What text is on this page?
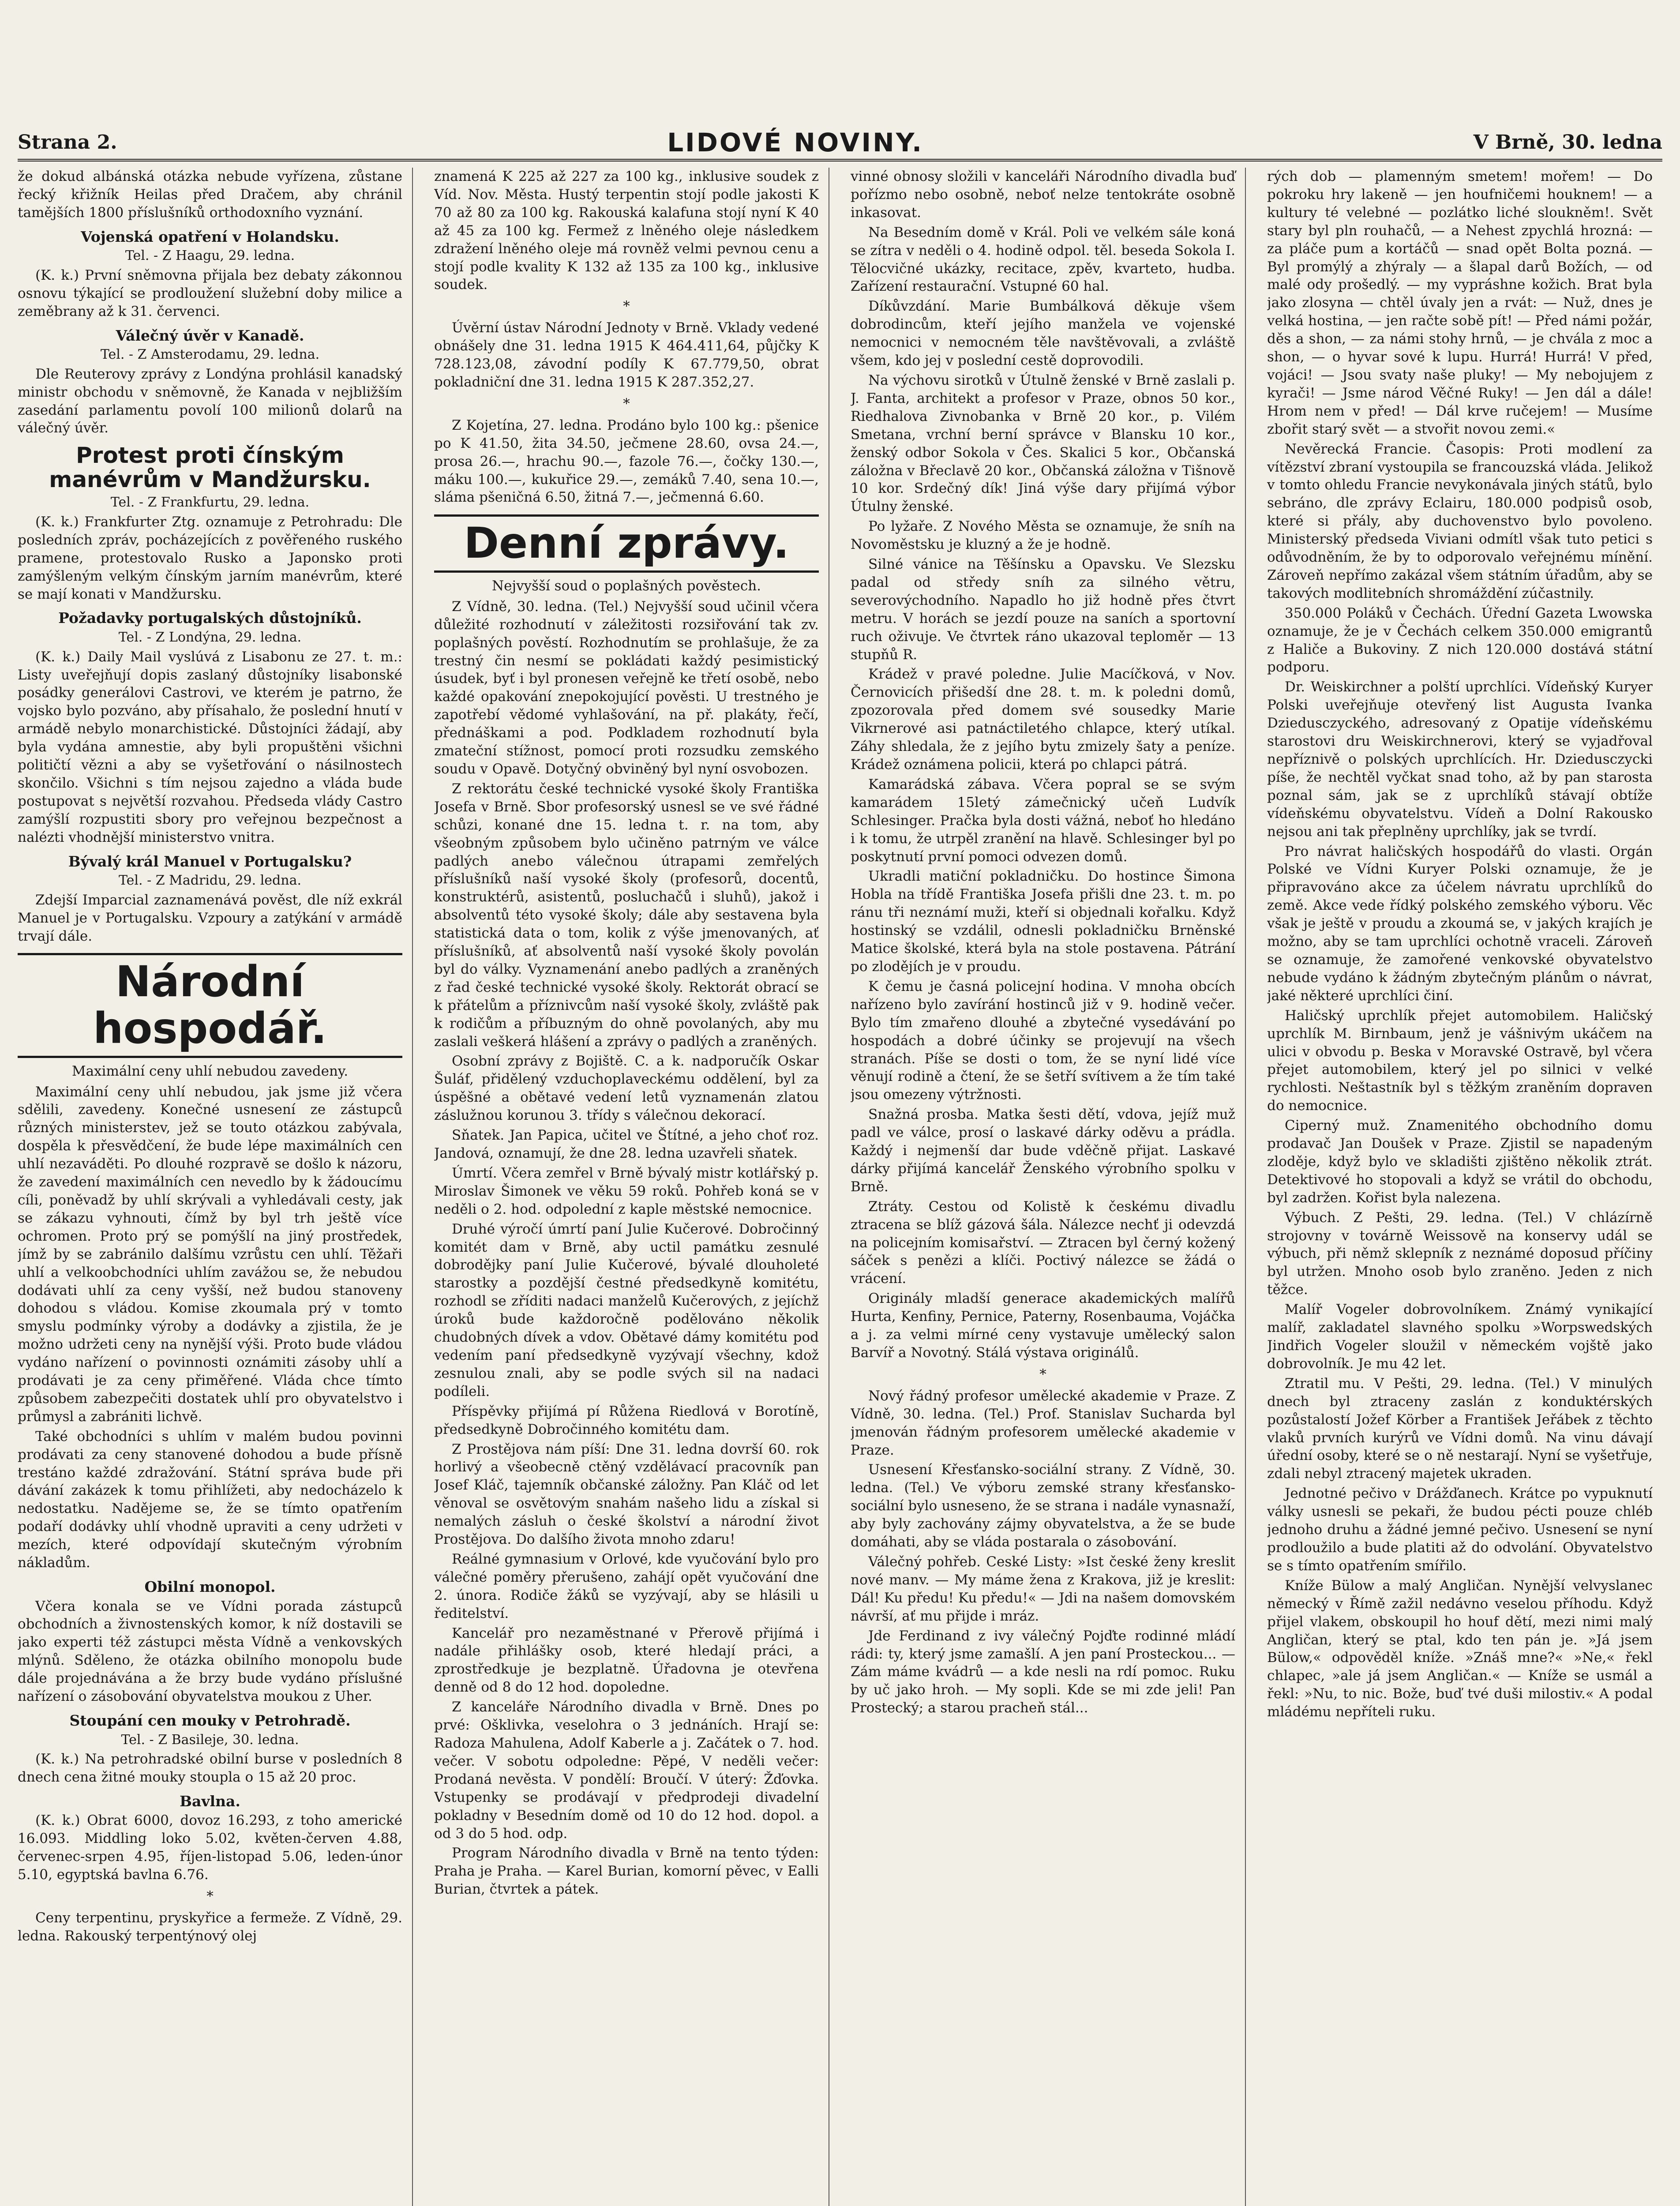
Strana 2.	LIDOVÉ NOVINY.	V Brně, 30. ledna

že dokud albánská otázka nebude vyřízena, zůstane řecký křižník Heilas před Dračem, aby chránil tamějších 1800 příslušníků orthodoxního vyznání.

Vojenská opatření v Holandsku.
Tel. - Z Haagu, 29. ledna.

(K. k.) První sněmovna přijala bez debaty zákonnou osnovu týkající se prodloužení služební doby milice a zeměbrany až k 31. červenci.

Válečný úvěr v Kanadě.
Tel. - Z Amsterodamu, 29. ledna.

Dle Reuterovy zprávy z Londýna prohlásil kanadský ministr obchodu v sněmovně, že Kanada v nejbližším zasedání parlamentu povolí 100 milionů dolarů na válečný úvěr.

Protest proti čínským manévrům v Mandžursku.
Tel. - Z Frankfurtu, 29. ledna.

(K. k.) Frankfurter Ztg. oznamuje z Petrohradu: Dle posledních zpráv, pocházejících z pověřeného ruského pramene, protestovalo Rusko a Japonsko proti zamýšleným velkým čínským jarním manévrům, které se mají konati v Mandžursku.

Požadavky portugalských důstojníků.
Tel. - Z Londýna, 29. ledna.

(K. k.) Daily Mail vyslúvá z Lisabonu ze 27. t. m.: Listy uveřejňují dopis zaslaný důstojníky lisabonské posádky generálovi Castrovi, ve kterém je patrno, že vojsko bylo pozváno, aby přísahalo, že poslední hnutí v armádě nebylo monarchistické. Důstojníci žádají, aby byla vydána amnestie, aby byli propuštěni všichni političtí vězni a aby se vyšetřování o násilnostech skončilo. Všichni s tím nejsou zajedno a vláda bude postupovat s největší rozvahou. Předseda vlády Castro zamýšlí rozpustiti sbory pro veřejnou bezpečnost a nalézti vhodnější ministerstvo vnitra.

Bývalý král Manuel v Portugalsku?
Tel. - Z Madridu, 29. ledna.

Zdejší Imparcial zaznamenává pověst, dle níž exkrál Manuel je v Portugalsku. Vzpoury a zatýkání v armádě trvají dále.

Národní hospodář.
Maximální ceny uhlí nebudou zavedeny.

Maximální ceny uhlí nebudou, jak jsme již včera sdělili, zavedeny. Konečné usnesení ze zástupců různých ministerstev, jež se touto otázkou zabývala, dospěla k přesvědčení, že bude lépe maximálních cen uhlí nezaváděti. Po dlouhé rozpravě se došlo k názoru, že zavedení maximálních cen nevedlo by k žádoucímu cíli, poněvadž by uhlí skrývali a vyhledávali cesty, jak se zákazu vyhnouti, čímž by byl trh ještě více ochromen. Proto prý se pomýšlí na jiný prostředek, jímž by se zabránilo dalšímu vzrůstu cen uhlí. Těžaři uhlí a velkoobchodníci uhlím zavážou se, že nebudou dodávati uhlí za ceny vyšší, než budou stanoveny dohodou s vládou. Komise zkoumala prý v tomto smyslu podmínky výroby a dodávky a zjistila, že je možno udržeti ceny na nynější výši. Proto bude vládou vydáno nařízení o povinnosti oznámiti zásoby uhlí a prodávati je za ceny přiměřené. Vláda chce tímto způsobem zabezpečiti dostatek uhlí pro obyvatelstvo i průmysl a zabrániti lichvě.

Také obchodníci s uhlím v malém budou povinni prodávati za ceny stanovené dohodou a bude přísně trestáno každé zdražování. Státní správa bude při dávání zakázek k tomu přihlížeti, aby nedocházelo k nedostatku. Nadějeme se, že se tímto opatřením podaří dodávky uhlí vhodně upraviti a ceny udržeti v mezích, které odpovídají skutečným výrobním nákladům.

Obilní monopol.

Včera konala se ve Vídni porada zástupců obchodních a živnostenských komor, k níž dostavili se jako experti též zástupci města Vídně a venkovských mlýnů. Sděleno, že otázka obilního monopolu bude dále projednávána a že brzy bude vydáno příslušné nařízení o zásobování obyvatelstva moukou z Uher.

Stoupání cen mouky v Petrohradě.
Tel. - Z Basileje, 30. ledna.

(K. k.) Na petrohradské obilní burse v posledních 8 dnech cena žitné mouky stoupla o 15 až 20 proc.

Bavlna.

(K. k.) Obrat 6000, dovoz 16.293, z toho americké 16.093. Middling loko 5.02, květen-červen 4.88, červenec-srpen 4.95, říjen-listopad 5.06, leden-únor 5.10, egyptská bavlna 6.76.

*

Ceny terpentinu, pryskyřice a fermeže. Z Vídně, 29. ledna. Rakouský terpentýnový olej

znamená K 225 až 227 za 100 kg., inklusive soudek z Víd. Nov. Města. Hustý terpentin stojí podle jakosti K 70 až 80 za 100 kg. Rakouská kalafuna stojí nyní K 40 až 45 za 100 kg. Fermež z lněného oleje následkem zdražení lněného oleje má rovněž velmi pevnou cenu a stojí podle kvality K 132 až 135 za 100 kg., inklusive soudek.

*

Úvěrní ústav Národní Jednoty v Brně. Vklady vedené obnášely dne 31. ledna 1915 K 464.411,64, půjčky K 728.123,08, závodní podíly K 67.779,50, obrat pokladniční dne 31. ledna 1915 K 287.352,27.

*

Z Kojetína, 27. ledna. Prodáno bylo 100 kg.: pšenice po K 41.50, žita 34.50, ječmene 28.60, ovsa 24.—, prosa 26.—, hrachu 90.—, fazole 76.—, čočky 130.—, máku 100.—, kukuřice 29.—, zemáků 7.40, sena 10.—, sláma pšeničná 6.50, žitná 7.—, ječmenná 6.60.

Denní zprávy.
Nejvyšší soud o poplašných pověstech.

Z Vídně, 30. ledna. (Tel.) Nejvyšší soud učinil včera důležité rozhodnutí v záležitosti rozsiřování tak zv. poplašných pověstí. Rozhodnutím se prohlašuje, že za trestný čin nesmí se pokládati každý pesimistický úsudek, byť i byl pronesen veřejně ke třetí osobě, nebo každé opakování znepokojující pověsti. U trestného je zapotřebí vědomé vyhlašování, na př. plakáty, řečí, přednáškami a pod. Podkladem rozhodnutí byla zmateční stížnost, pomocí proti rozsudku zemského soudu v Opavě. Dotyčný obviněný byl nyní osvobozen.

Z rektorátu české technické vysoké školy Františka Josefa v Brně. Sbor profesorský usnesl se ve své řádné schůzi, konané dne 15. ledna t. r. na tom, aby všeobným způsobem bylo učiněno patrným ve válce padlých anebo válečnou útrapami zemřelých příslušníků naší vysoké školy (profesorů, docentů, konstruktérů, asistentů, posluchačů i sluhů), jakož i absolventů této vysoké školy; dále aby sestavena byla statistická data o tom, kolik z výše jmenovaných, ať příslušníků, ať absolventů naší vysoké školy povolán byl do války. Vyznamenání anebo padlých a zraněných z řad české technické vysoké školy. Rektorát obrací se k přátelům a příznivcům naší vysoké školy, zvláště pak k rodičům a příbuzným do ohně povolaných, aby mu zaslali veškerá hlášení a zprávy o padlých a zraněných.

Osobní zprávy z Bojiště. C. a k. nadporučík Oskar Šuláf, přidělený vzduchoplaveckému oddělení, byl za úspěšné a obětavé vedení letů vyznamenán zlatou záslužnou korunou 3. třídy s válečnou dekorací.

Sňatek. Jan Papica, učitel ve Štítné, a jeho choť roz. Jandová, oznamují, že dne 28. ledna uzavřeli sňatek.

Úmrtí. Včera zemřel v Brně bývalý mistr kotlářský p. Miroslav Šimonek ve věku 59 roků. Pohřeb koná se v neděli o 2. hod. odpolední z kaple městské nemocnice.

Druhé výročí úmrtí paní Julie Kučerové. Dobročinný komitét dam v Brně, aby uctil památku zesnulé dobrodějky paní Julie Kučerové, bývalé dlouholeté starostky a pozdější čestné předsedkyně komitétu, rozhodl se zříditi nadaci manželů Kučerových, z jejíchž úroků bude každoročně podělováno několik chudobných dívek a vdov. Obětavé dámy komitétu pod vedením paní předsedkyně vyzývají všechny, kdož zesnulou znali, aby se podle svých sil na nadaci podíleli.

Příspěvky přijímá pí Růžena Riedlová v Borotíně, předsedkyně Dobročinného komitétu dam.

Z Prostějova nám píší: Dne 31. ledna dovrší 60. rok horlivý a všeobecně ctěný vzdělávací pracovník pan Josef Kláč, tajemník občanské záložny. Pan Kláč od let věnoval se osvětovým snahám našeho lidu a získal si nemalých zásluh o české školství a národní život Prostějova. Do dalšího života mnoho zdaru!

Reálné gymnasium v Orlové, kde vyučování bylo pro válečné poměry přerušeno, zahájí opět vyučování dne 2. února. Rodiče žáků se vyzývají, aby se hlásili u ředitelství.

Kancelář pro nezaměstnané v Přerově přijímá i nadále přihlášky osob, které hledají práci, a zprostředkuje je bezplatně. Úřadovna je otevřena denně od 8 do 12 hod. dopoledne.

Z kanceláře Národního divadla v Brně. Dnes po prvé: Ošklivka, veselohra o 3 jednáních. Hrají se: Radoza Mahulena, Adolf Kaberle a j. Začátek o 7. hod. večer. V sobotu odpoledne: Pěpé, V neděli večer: Prodaná nevěsta. V pondělí: Broučí. V úterý: Žďovka. Vstupenky se prodávají v předprodeji divadelní pokladny v Besedním domě od 10 do 12 hod. dopol. a od 3 do 5 hod. odp.

Program Národního divadla v Brně na tento týden: Praha je Praha. — Karel Burian, komorní pěvec, v Ealli Burian, čtvrtek a pátek.

vinné obnosy složili v kanceláři Národního divadla buď pořízmo nebo osobně, neboť nelze tentokráte osobně inkasovat.

Na Besedním domě v Král. Poli ve velkém sále koná se zítra v neděli o 4. hodině odpol. těl. beseda Sokola I. Tělocvičné ukázky, recitace, zpěv, kvarteto, hudba. Zařízení restaurační. Vstupné 60 hal.

Díkůvzdání. Marie Bumbálková děkuje všem dobrodincům, kteří jejího manžela ve vojenské nemocnici v nemocném těle navštěvovali, a zvláště všem, kdo jej v poslední cestě doprovodili.

Na výchovu sirotků v Útulně ženské v Brně zaslali p. J. Fanta, architekt a profesor v Praze, obnos 50 kor., Riedhalova Zivnobanka v Brně 20 kor., p. Vilém Smetana, vrchní berní správce v Blansku 10 kor., ženský odbor Sokola v Čes. Skalici 5 kor., Občanská záložna v Břeclavě 20 kor., Občanská záložna v Tišnově 10 kor. Srdečný dík! Jiná výše dary přijímá výbor Útulny ženské.

Po lyžaře. Z Nového Města se oznamuje, že sníh na Novoměstsku je kluzný a že je hodně.

Silné vánice na Těšínsku a Opavsku. Ve Slezsku padal od středy sníh za silného větru, severovýchodního. Napadlo ho již hodně přes čtvrt metru. V horách se jezdí pouze na saních a sportovní ruch oživuje. Ve čtvrtek ráno ukazoval teploměr — 13 stupňů R.

Krádež v pravé poledne. Julie Macíčková, v Nov. Černovicích přišedší dne 28. t. m. k poledni domů, zpozorovala před domem své sousedky Marie Vikrnerové asi patnáctiletého chlapce, který utíkal. Záhy shledala, že z jejího bytu zmizely šaty a peníze. Krádež oznámena policii, která po chlapci pátrá.

Kamarádská zábava. Včera popral se se svým kamarádem 15letý zámečnický učeň Ludvík Schlesinger. Pračka byla dosti vážná, neboť ho hledáno i k tomu, že utrpěl zranění na hlavě. Schlesinger byl po poskytnutí první pomoci odvezen domů.

Ukradli matiční pokladničku. Do hostince Šimona Hobla na třídě Františka Josefa přišli dne 23. t. m. po ránu tři neznámí muži, kteří si objednali kořalku. Když hostinský se vzdálil, odnesli pokladničku Brněnské Matice školské, která byla na stole postavena. Pátrání po zlodějích je v proudu.

K čemu je časná policejní hodina. V mnoha obcích nařízeno bylo zavírání hostinců již v 9. hodině večer. Bylo tím zmařeno dlouhé a zbytečné vysedávání po hospodách a dobré účinky se projevují na všech stranách. Píše se dosti o tom, že se nyní lidé více věnují rodině a čtení, že se šetří svítivem a že tím také jsou omezeny výtržnosti.

Snažná prosba. Matka šesti dětí, vdova, jejíž muž padl ve válce, prosí o laskavé dárky oděvu a prádla. Každý i nejmenší dar bude vděčně přijat. Laskavé dárky přijímá kancelář Ženského výrobního spolku v Brně.

Ztráty. Cestou od Kolistě k českému divadlu ztracena se blíž gázová šála. Nálezce nechť ji odevzdá na policejním komisařství. — Ztracen byl černý kožený sáček s penězi a klíči. Poctivý nálezce se žádá o vrácení.

Originály mladší generace akademických malířů Hurta, Kenfiny, Pernice, Paterny, Rosenbauma, Vojáčka a j. za velmi mírné ceny vystavuje umělecký salon Barvíř a Novotný. Stálá výstava originálů.

*

Nový řádný profesor umělecké akademie v Praze. Z Vídně, 30. ledna. (Tel.) Prof. Stanislav Sucharda byl jmenován řádným profesorem umělecké akademie v Praze.

Usnesení Křesťansko-sociální strany. Z Vídně, 30. ledna. (Tel.) Ve výboru zemské strany křesťansko-sociální bylo usneseno, že se strana i nadále vynasnaží, aby byly zachovány zájmy obyvatelstva, a že se bude domáhati, aby se vláda postarala o zásobování.

Válečný pohřeb. Ceské Listy: »Ist české ženy kreslit nové manv. — My máme žena z Krakova, již je kreslit: Dál! Ku předu! Ku předu!« — Jdi na našem domovském návrší, ať mu přijde i mráz.

Jde Ferdinand z ivy válečný Pojďte rodinné mládí rádi: ty, který jsme zamašlí. A jen paní Prosteckou... — Zám máme kvádrů — a kde nesli na rdí pomoc. Ruku by uč jako hroh. — My sopli. Kde se mi zde jeli! Pan Prostecký; a starou pracheň stál...

rých dob — plamenným smetem! mořem! — Do pokroku hry lakeně — jen houfničemi houknem! — a kultury té velebné — pozlátko liché sloukněm!. Svět stary byl pln rouhačů, — a Nehest zpychlá hrozná: — za pláče pum a kortáčů — snad opět Bolta pozná. — Byl promýlý a zhýraly — a šlapal darů Božích, — od malé ody prošedlý. — my vypráshne kožich. Brat byla jako zlosyna — chtěl úvaly jen a rvát: — Nuž, dnes je velká hostina, — jen račte sobě pít! — Před námi požár, děs a shon, — za námi stohy hrnů, — je chvála z moc a shon, — o hyvar sové k lupu. Hurrá! Hurrá! V před, vojáci! — Jsou svaty naše pluky! — My nebojujem z kyrači! — Jsme národ Věčné Ruky! — Jen dál a dále! Hrom nem v před! — Dál krve ručejem! — Musíme zbořit starý svět — a stvořit novou zemi.«

Nevěrecká Francie. Časopis: Proti modlení za vítězství zbraní vystoupila se francouzská vláda. Jelikož v tomto ohledu Francie nevykonávala jiných států, bylo sebráno, dle zprávy Eclairu, 180.000 podpisů osob, které si přály, aby duchovenstvo bylo povoleno. Ministerský předseda Viviani odmítl však tuto petici s odůvodněním, že by to odporovalo veřejnému mínění. Zároveň nepřímo zakázal všem státním úřadům, aby se takových modlitebních shromáždění zúčastnily.

350.000 Poláků v Čechách. Úřední Gazeta Lwowska oznamuje, že je v Čechách celkem 350.000 emigrantů z Haliče a Bukoviny. Z nich 120.000 dostává státní podporu.

Dr. Weiskirchner a polští uprchlíci. Vídeňský Kuryer Polski uveřejňuje otevřený list Augusta Ivanka Dziedusczyckého, adresovaný z Opatije vídeňskému starostovi dru Weiskirchnerovi, který se vyjadřoval nepříznivě o polských uprchlících. Hr. Dziedusczycki píše, že nechtěl vyčkat snad toho, až by pan starosta poznal sám, jak se z uprchlíků stávají obtíže vídeňskému obyvatelstvu. Vídeň a Dolní Rakousko nejsou ani tak přeplněny uprchlíky, jak se tvrdí.

Pro návrat haličských hospodářů do vlasti. Orgán Polské ve Vídni Kuryer Polski oznamuje, že je připravováno akce za účelem návratu uprchlíků do země. Akce vede řídký polského zemského výboru. Věc však je ještě v proudu a zkoumá se, v jakých krajích je možno, aby se tam uprchlíci ochotně vraceli. Zároveň se oznamuje, že zamořené venkovské obyvatelstvo nebude vydáno k žádným zbytečným plánům o návrat, jaké některé uprchlíci činí.

Haličský uprchlík přejet automobilem. Haličský uprchlík M. Birnbaum, jenž je vášnivým ukáčem na ulici v obvodu p. Beska v Moravské Ostravě, byl včera přejet automobilem, který jel po silnici v velké rychlosti. Neštastník byl s těžkým zraněním dopraven do nemocnice.

Ciperný muž. Znamenitého obchodního domu prodavač Jan Doušek v Praze. Zjistil se napadeným zloděje, když bylo ve skladišti zjištěno několik ztrát. Detektivové ho stopovali a když se vrátil do obchodu, byl zadržen. Kořist byla nalezena.

Výbuch. Z Pešti, 29. ledna. (Tel.) V chlázírně strojovny v továrně Weissově na konservy udál se výbuch, při němž sklepník z neznámé doposud příčiny byl utržen. Mnoho osob bylo zraněno. Jeden z nich těžce.

Malíř Vogeler dobrovolníkem. Známý vynikající malíř, zakladatel slavného spolku »Worpswedských Jindřich Vogeler sloužil v německém vojště jako dobrovolník. Je mu 42 let.

Ztratil mu. V Pešti, 29. ledna. (Tel.) V minulých dnech byl ztraceny zaslán z konduktérských pozůstalostí Jožef Körber a František Jeřábek z těchto vlaků prvních kurýrů ve Vídni domů. Na vinu dávají úřední osoby, které se o ně nestarají. Nyní se vyšetřuje, zdali nebyl ztracený majetek ukraden.

Jednotné pečivo v Drážďanech. Krátce po vypuknutí války usnesli se pekaři, že budou pécti pouze chléb jednoho druhu a žádné jemné pečivo. Usnesení se nyní prodloužilo a bude platiti až do odvolání. Obyvatelstvo se s tímto opatřením smířilo.

Kníže Bülow a malý Angličan. Nynější velvyslanec německý v Římě zažil nedávno veselou příhodu. Když přijel vlakem, obskoupil ho houf dětí, mezi nimi malý Angličan, který se ptal, kdo ten pán je. »Já jsem Bülow,« odpověděl kníže. »Znáš mne?« »Ne,« řekl chlapec, »ale já jsem Angličan.« — Kníže se usmál a řekl: »Nu, to nic. Bože, buď tvé duši milostiv.« A podal mládému nepříteli ruku.
